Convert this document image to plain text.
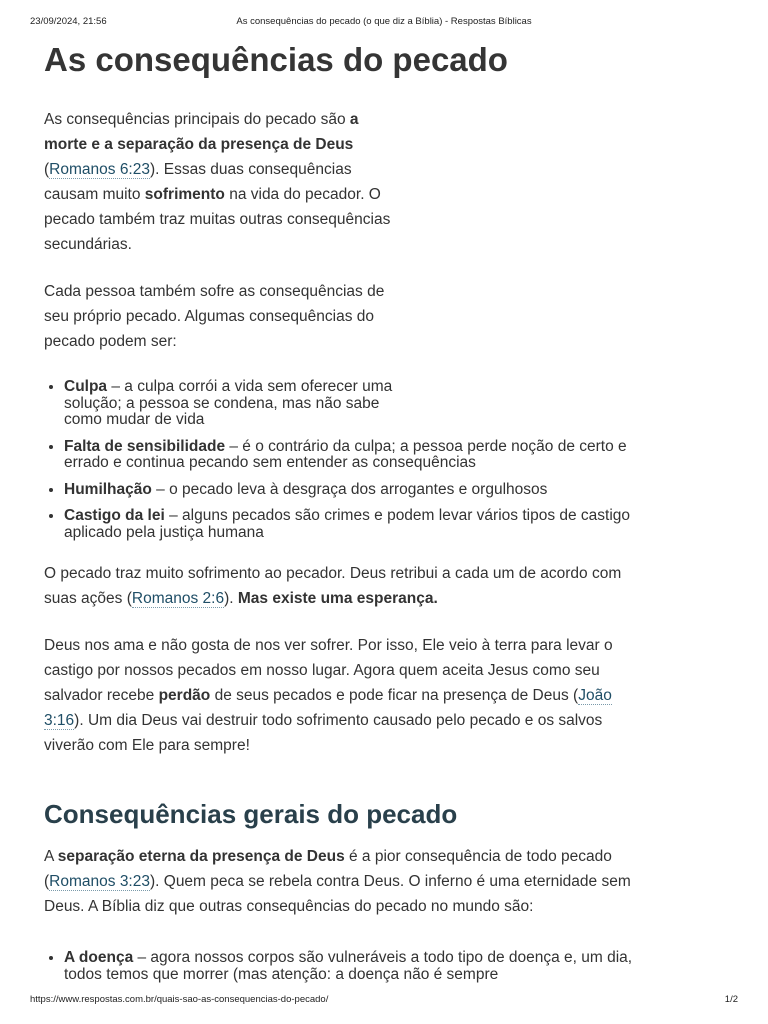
23/09/2024, 21:56	As consequências do pecado (o que diz a Bíblia) - Respostas Bíblicas
As consequências do pecado

As consequências principais do pecado são a morte e a separação da presença de Deus (Romanos 6:23). Essas duas consequências causam muito sofrimento na vida do pecador. O pecado também traz muitas outras consequências secundárias.

Cada pessoa também sofre as consequências de seu próprio pecado. Algumas consequências do pecado podem ser:

• Culpa – a culpa corrói a vida sem oferecer uma solução; a pessoa se condena, mas não sabe como mudar de vida
• Falta de sensibilidade – é o contrário da culpa; a pessoa perde noção de certo e errado e continua pecando sem entender as consequências
• Humilhação – o pecado leva à desgraça dos arrogantes e orgulhosos
• Castigo da lei – alguns pecados são crimes e podem levar vários tipos de castigo aplicado pela justiça humana

O pecado traz muito sofrimento ao pecador. Deus retribui a cada um de acordo com suas ações (Romanos 2:6). Mas existe uma esperança.

Deus nos ama e não gosta de nos ver sofrer. Por isso, Ele veio à terra para levar o castigo por nossos pecados em nosso lugar. Agora quem aceita Jesus como seu salvador recebe perdão de seus pecados e pode ficar na presença de Deus (João 3:16). Um dia Deus vai destruir todo sofrimento causado pelo pecado e os salvos viverão com Ele para sempre!

Consequências gerais do pecado

A separação eterna da presença de Deus é a pior consequência de todo pecado (Romanos 3:23). Quem peca se rebela contra Deus. O inferno é uma eternidade sem Deus. A Bíblia diz que outras consequências do pecado no mundo são:

• A doença – agora nossos corpos são vulneráveis a todo tipo de doença e, um dia, todos temos que morrer (mas atenção: a doença não é sempre
https://www.respostas.com.br/quais-sao-as-consequencias-do-pecado/	1/2
